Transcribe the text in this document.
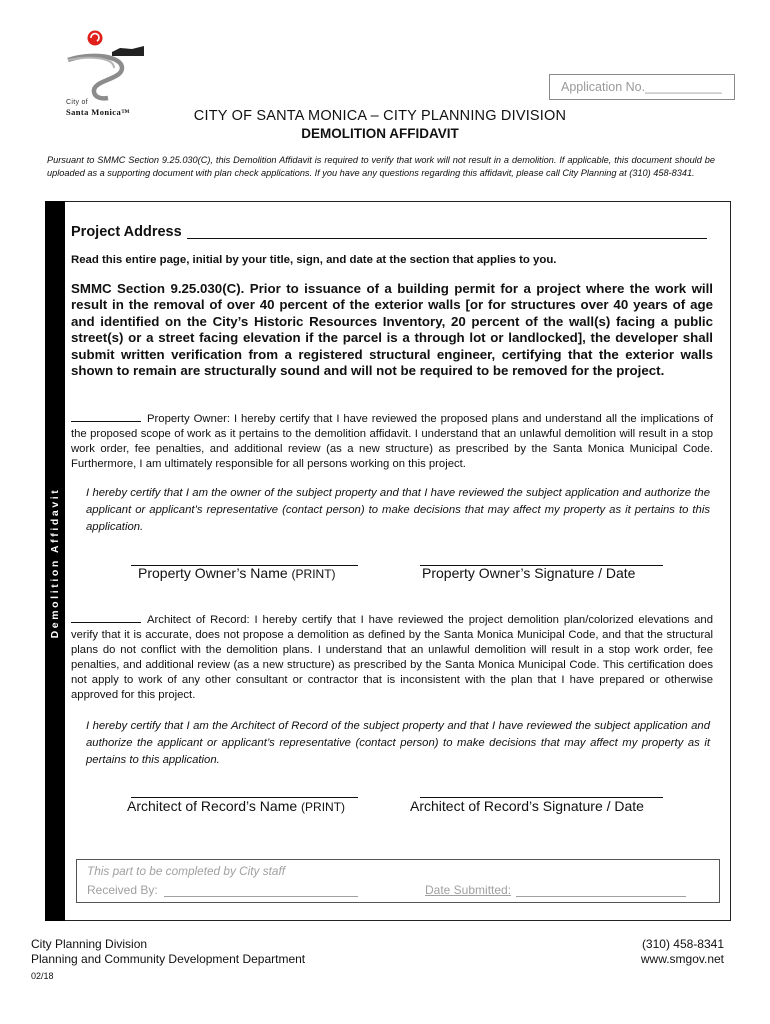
City of
Santa Monica™
Application No.___________
CITY OF SANTA MONICA – CITY PLANNING DIVISION
DEMOLITION AFFIDAVIT
Pursuant to SMMC Section 9.25.030(C), this Demolition Affidavit is required to verify that work will not result in a demolition. If applicable, this document should be uploaded as a supporting document with plan check applications. If you have any questions regarding this affidavit, please call City Planning at (310) 458-8341.
Demolition Affidavit
Project Address
Read this entire page, initial by your title, sign, and date at the section that applies to you.
SMMC Section 9.25.030(C). Prior to issuance of a building permit for a project where the work will result in the removal of over 40 percent of the exterior walls [or for structures over 40 years of age and identified on the City’s Historic Resources Inventory, 20 percent of the wall(s) facing a public street(s) or a street facing elevation if the parcel is a through lot or landlocked], the developer shall submit written verification from a registered structural engineer, certifying that the exterior walls shown to remain are structurally sound and will not be required to be removed for the project.
Property Owner: I hereby certify that I have reviewed the proposed plans and understand all the implications of the proposed scope of work as it pertains to the demolition affidavit. I understand that an unlawful demolition will result in a stop work order, fee penalties, and additional review (as a new structure) as prescribed by the Santa Monica Municipal Code. Furthermore, I am ultimately responsible for all persons working on this project.
I hereby certify that I am the owner of the subject property and that I have reviewed the subject application and authorize the applicant or applicant’s representative (contact person) to make decisions that may affect my property as it pertains to this application.
Property Owner’s Name (PRINT)	Property Owner’s Signature / Date
Architect of Record: I hereby certify that I have reviewed the project demolition plan/colorized elevations and verify that it is accurate, does not propose a demolition as defined by the Santa Monica Municipal Code, and that the structural plans do not conflict with the demolition plans. I understand that an unlawful demolition will result in a stop work order, fee penalties, and additional review (as a new structure) as prescribed by the Santa Monica Municipal Code. This certification does not apply to work of any other consultant or contractor that is inconsistent with the plan that I have prepared or otherwise approved for this project.
I hereby certify that I am the Architect of Record of the subject property and that I have reviewed the subject application and authorize the applicant or applicant’s representative (contact person) to make decisions that may affect my property as it pertains to this application.
Architect of Record’s Name (PRINT)	Architect of Record’s Signature / Date
This part to be completed by City staff
Received By:	Date Submitted:
City Planning Division
Planning and Community Development Department
02/18
(310) 458-8341
www.smgov.net
